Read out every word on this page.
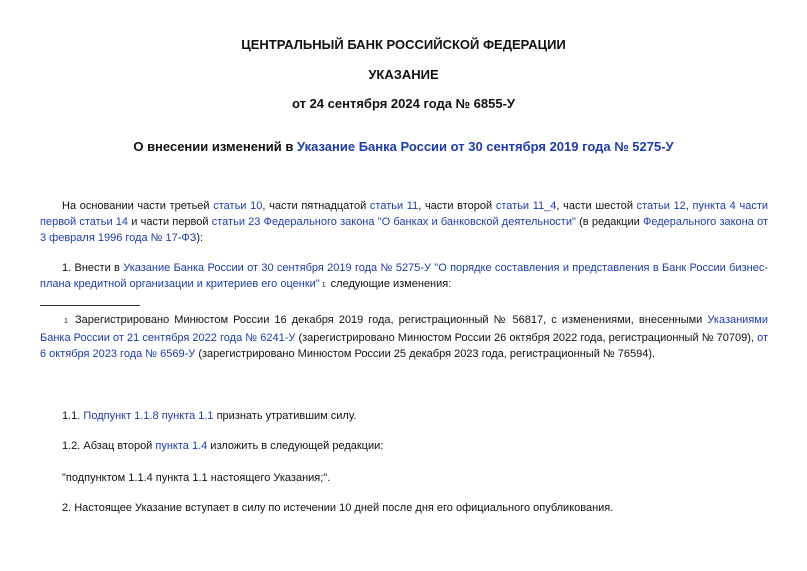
ЦЕНТРАЛЬНЫЙ БАНК РОССИЙСКОЙ ФЕДЕРАЦИИ
УКАЗАНИЕ
от 24 сентября 2024 года № 6855-У
О внесении изменений в Указание Банка России от 30 сентября 2019 года № 5275-У
На основании части третьей статьи 10, части пятнадцатой статьи 11, части второй статьи 11_4, части шестой статьи 12, пункта 4 части первой статьи 14 и части первой статьи 23 Федерального закона "О банках и банковской деятельности" (в редакции Федерального закона от 3 февраля 1996 года № 17-ФЗ):
1. Внести в Указание Банка России от 30 сентября 2019 года № 5275-У "О порядке составления и представления в Банк России бизнес-плана кредитной организации и критериев его оценки" 1 следующие изменения:
1 Зарегистрировано Минюстом России 16 декабря 2019 года, регистрационный № 56817, с изменениями, внесенными Указаниями Банка России от 21 сентября 2022 года № 6241-У (зарегистрировано Минюстом России 26 октября 2022 года, регистрационный № 70709), от 6 октября 2023 года № 6569-У (зарегистрировано Минюстом России 25 декабря 2023 года, регистрационный № 76594).
1.1. Подпункт 1.1.8 пункта 1.1 признать утратившим силу.
1.2. Абзац второй пункта 1.4 изложить в следующей редакции:
"подпунктом 1.1.4 пункта 1.1 настоящего Указания;".
2. Настоящее Указание вступает в силу по истечении 10 дней после дня его официального опубликования.
